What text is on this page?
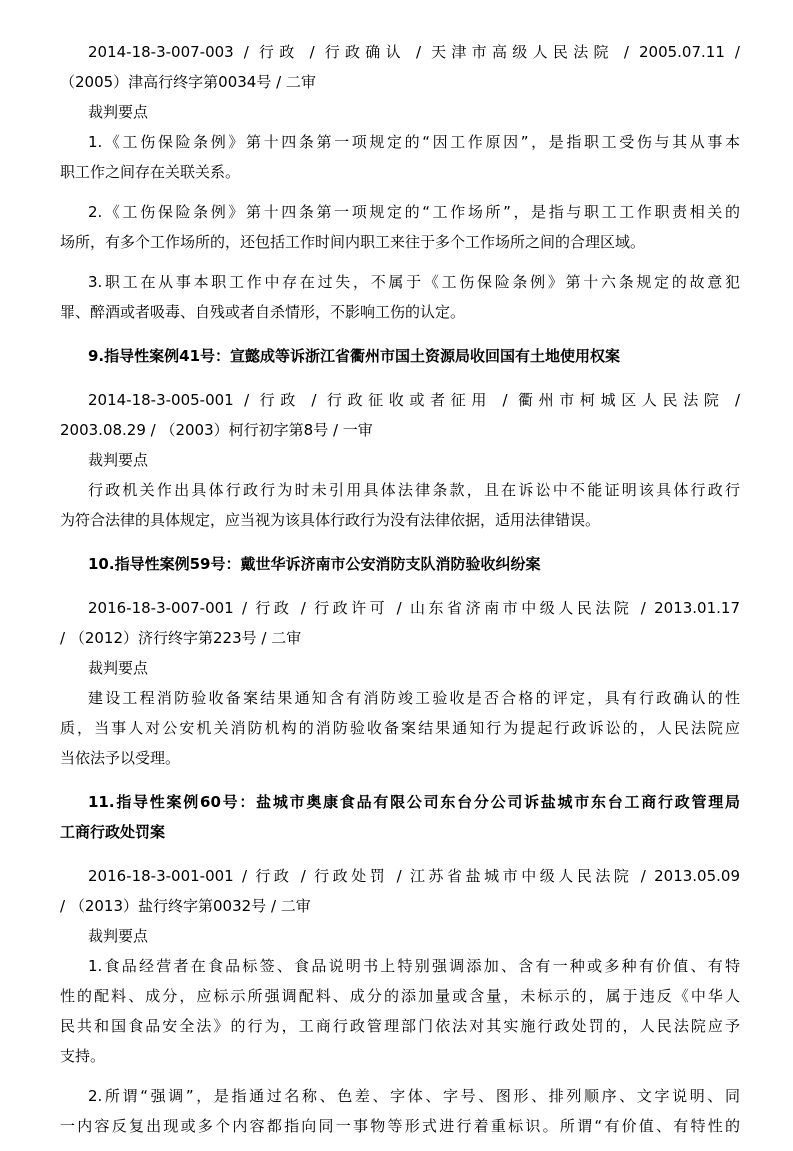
2014-18-3-007-003 / 行政 / 行政确认 / 天津市高级人民法院 / 2005.07.11 /
（2005）津高行终字第0034号 / 二审
裁判要点
1.《工伤保险条例》第十四条第一项规定的“因工作原因”，是指职工受伤与其从事本
职工作之间存在关联关系。
2.《工伤保险条例》第十四条第一项规定的“工作场所”，是指与职工工作职责相关的
场所，有多个工作场所的，还包括工作时间内职工来往于多个工作场所之间的合理区域。
3.职工在从事本职工作中存在过失，不属于《工伤保险条例》第十六条规定的故意犯
罪、醉酒或者吸毒、自残或者自杀情形，不影响工伤的认定。
9.指导性案例41号：宣懿成等诉浙江省衢州市国土资源局收回国有土地使用权案
2014-18-3-005-001 / 行政 / 行政征收或者征用 / 衢州市柯城区人民法院 /
2003.08.29 / （2003）柯行初字第8号 / 一审
裁判要点
行政机关作出具体行政行为时未引用具体法律条款，且在诉讼中不能证明该具体行政行
为符合法律的具体规定，应当视为该具体行政行为没有法律依据，适用法律错误。
10.指导性案例59号：戴世华诉济南市公安消防支队消防验收纠纷案
2016-18-3-007-001 / 行政 / 行政许可 / 山东省济南市中级人民法院 / 2013.01.17
/ （2012）济行终字第223号 / 二审
裁判要点
建设工程消防验收备案结果通知含有消防竣工验收是否合格的评定，具有行政确认的性
质，当事人对公安机关消防机构的消防验收备案结果通知行为提起行政诉讼的，人民法院应
当依法予以受理。
11.指导性案例60号：盐城市奥康食品有限公司东台分公司诉盐城市东台工商行政管理局
工商行政处罚案
2016-18-3-001-001 / 行政 / 行政处罚 / 江苏省盐城市中级人民法院 / 2013.05.09
/ （2013）盐行终字第0032号 / 二审
裁判要点
1.食品经营者在食品标签、食品说明书上特别强调添加、含有一种或多种有价值、有特
性的配料、成分，应标示所强调配料、成分的添加量或含量，未标示的，属于违反《中华人
民共和国食品安全法》的行为，工商行政管理部门依法对其实施行政处罚的，人民法院应予
支持。
2.所谓“强调”，是指通过名称、色差、字体、字号、图形、排列顺序、文字说明、同
一内容反复出现或多个内容都指向同一事物等形式进行着重标识。所谓“有价值、有特性的
